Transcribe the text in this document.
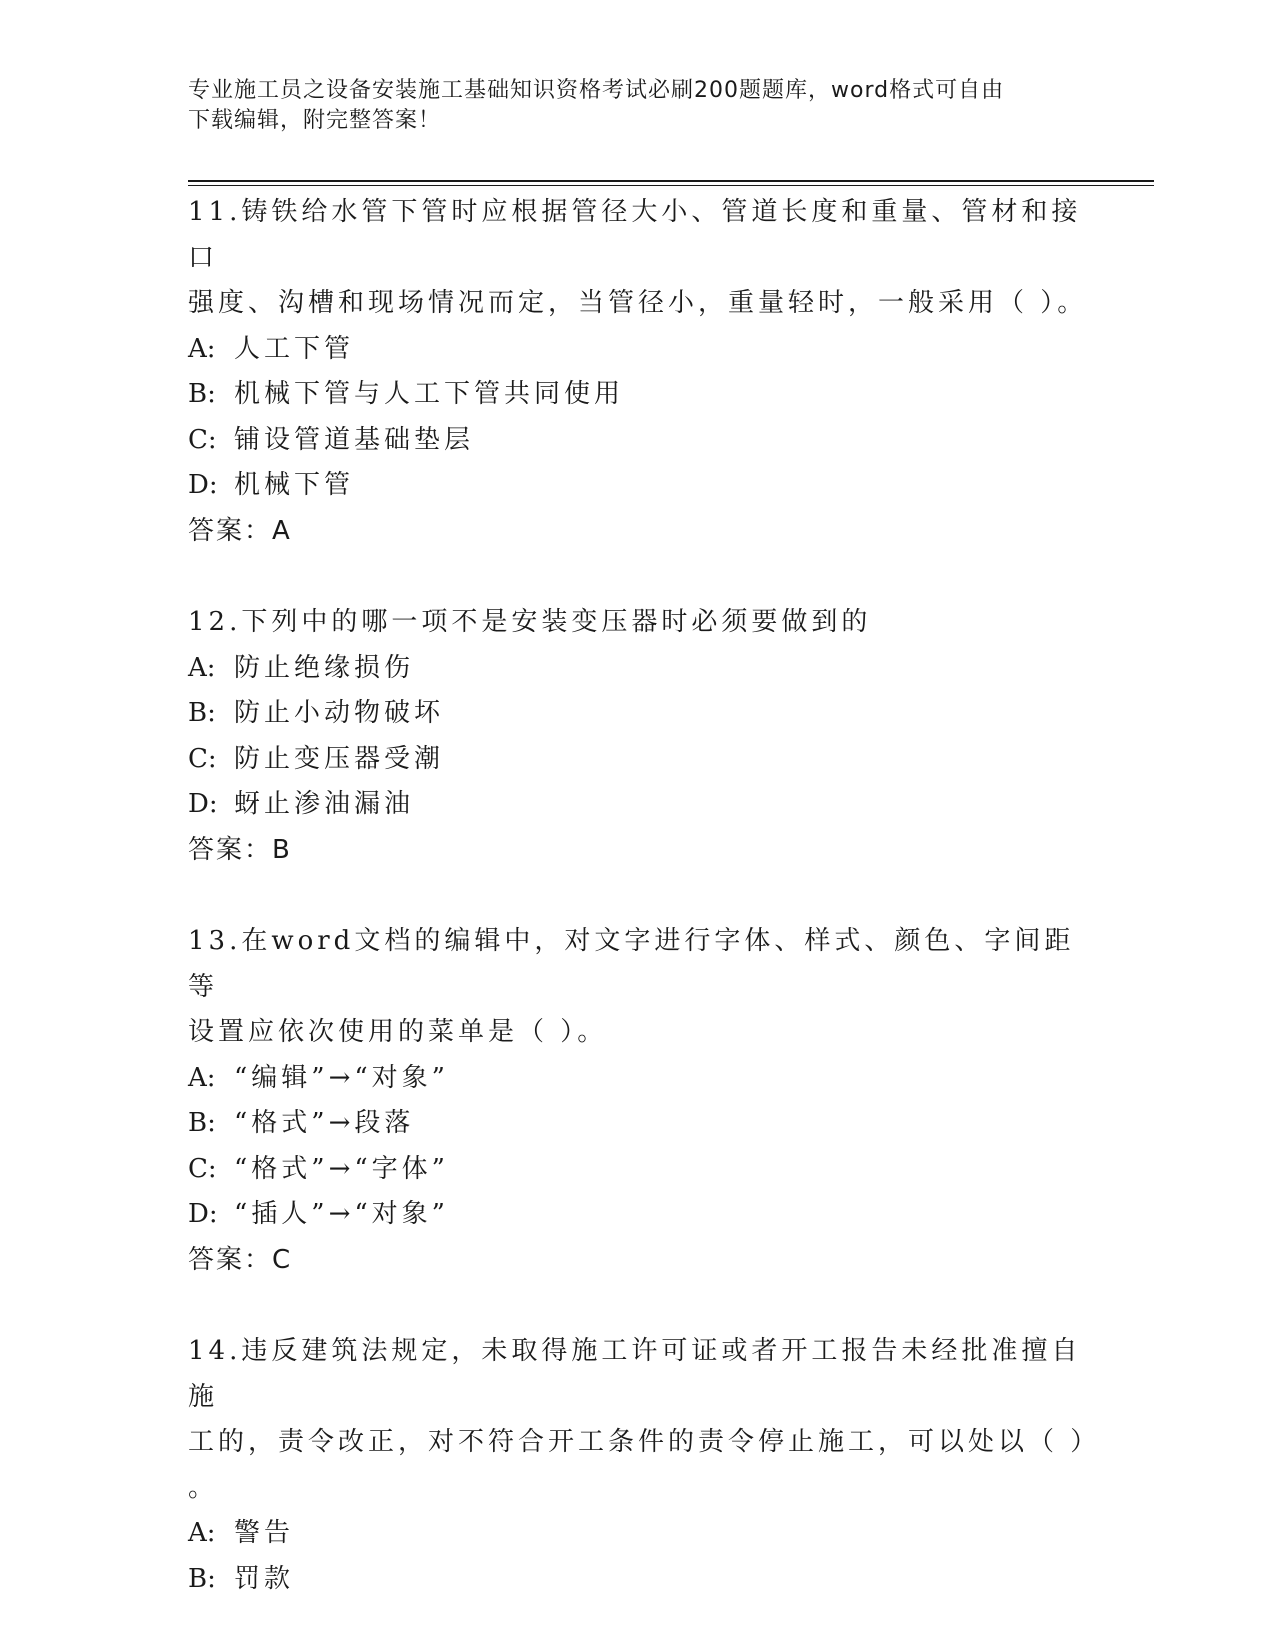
专业施工员之设备安装施工基础知识资格考试必刷200题题库，word格式可自由
下载编辑，附完整答案！
11.铸铁给水管下管时应根据管径大小、管道长度和重量、管材和接口
强度、沟槽和现场情况而定，当管径小，重量轻时，一般采用（ ）。
A: 人工下管
B: 机械下管与人工下管共同使用
C: 铺设管道基础垫层
D: 机械下管
答案：A
12.下列中的哪一项不是安装变压器时必须要做到的
A: 防止绝缘损伤
B: 防止小动物破坏
C: 防止变压器受潮
D: 蚜止渗油漏油
答案：B
13.在word文档的编辑中，对文字进行字体、样式、颜色、字间距等
设置应依次使用的菜单是（ ）。
A: “编辑”→“对象”
B: “格式”→段落
C: “格式”→“字体”
D: “插人”→“对象”
答案：C
14.违反建筑法规定，未取得施工许可证或者开工报告未经批准擅自施
工的，责令改正，对不符合开工条件的责令停止施工，可以处以（ ）
。
A: 警告
B: 罚款
